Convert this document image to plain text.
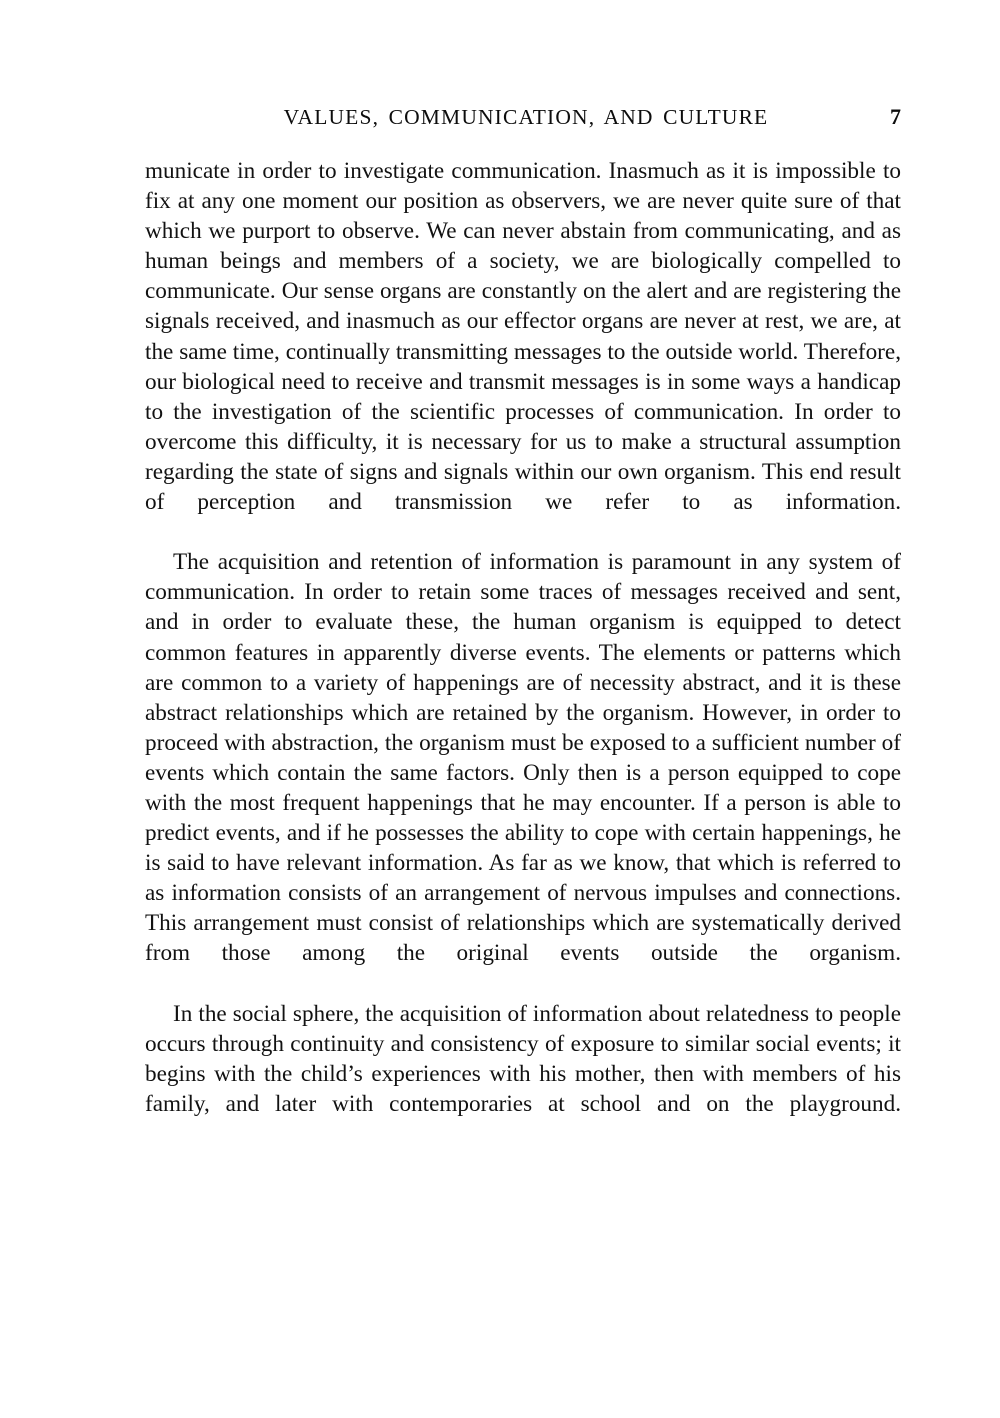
VALUES, COMMUNICATION, AND CULTURE	7

municate in order to investigate communication. Inasmuch as it is impossible to fix at any one moment our position as observers, we are never quite sure of that which we purport to observe. We can never abstain from communicating, and as human beings and members of a society, we are biologically compelled to communicate. Our sense organs are constantly on the alert and are registering the signals received, and inasmuch as our effector organs are never at rest, we are, at the same time, continually transmitting messages to the outside world. Therefore, our biological need to receive and transmit messages is in some ways a handicap to the investigation of the scientific processes of communication. In order to overcome this difficulty, it is necessary for us to make a structural assumption regarding the state of signs and signals within our own organism. This end result of perception and transmission we refer to as information.

The acquisition and retention of information is paramount in any system of communication. In order to retain some traces of messages received and sent, and in order to evaluate these, the human organism is equipped to detect common features in apparently diverse events. The elements or patterns which are common to a variety of happenings are of necessity abstract, and it is these abstract relationships which are retained by the organism. However, in order to proceed with abstraction, the organism must be exposed to a sufficient number of events which contain the same factors. Only then is a person equipped to cope with the most frequent happenings that he may encounter. If a person is able to predict events, and if he possesses the ability to cope with certain happenings, he is said to have relevant information. As far as we know, that which is referred to as information consists of an arrangement of nervous impulses and connections. This arrangement must consist of relationships which are systematically derived from those among the original events outside the organism.

In the social sphere, the acquisition of information about relatedness to people occurs through continuity and consistency of exposure to similar social events; it begins with the child’s experiences with his mother, then with members of his family, and later with contemporaries at school and on the playground.
